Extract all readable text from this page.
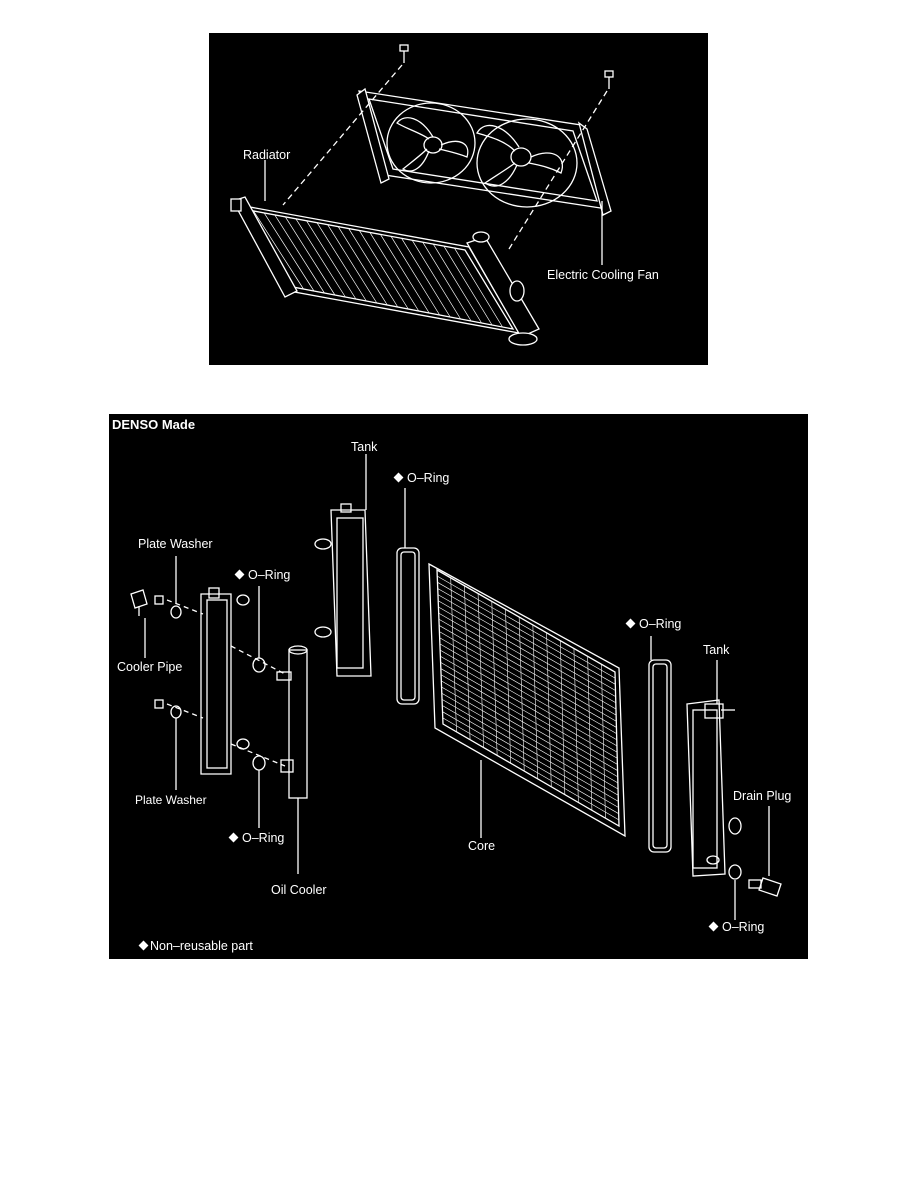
Radiator
Electric Cooling Fan
DENSO Made
Tank
O–Ring
Plate Washer
O–Ring
Cooler Pipe
Plate Washer
O–Ring
Oil Cooler
Core
O–Ring
Tank
Drain Plug
O–Ring
Non–reusable part
